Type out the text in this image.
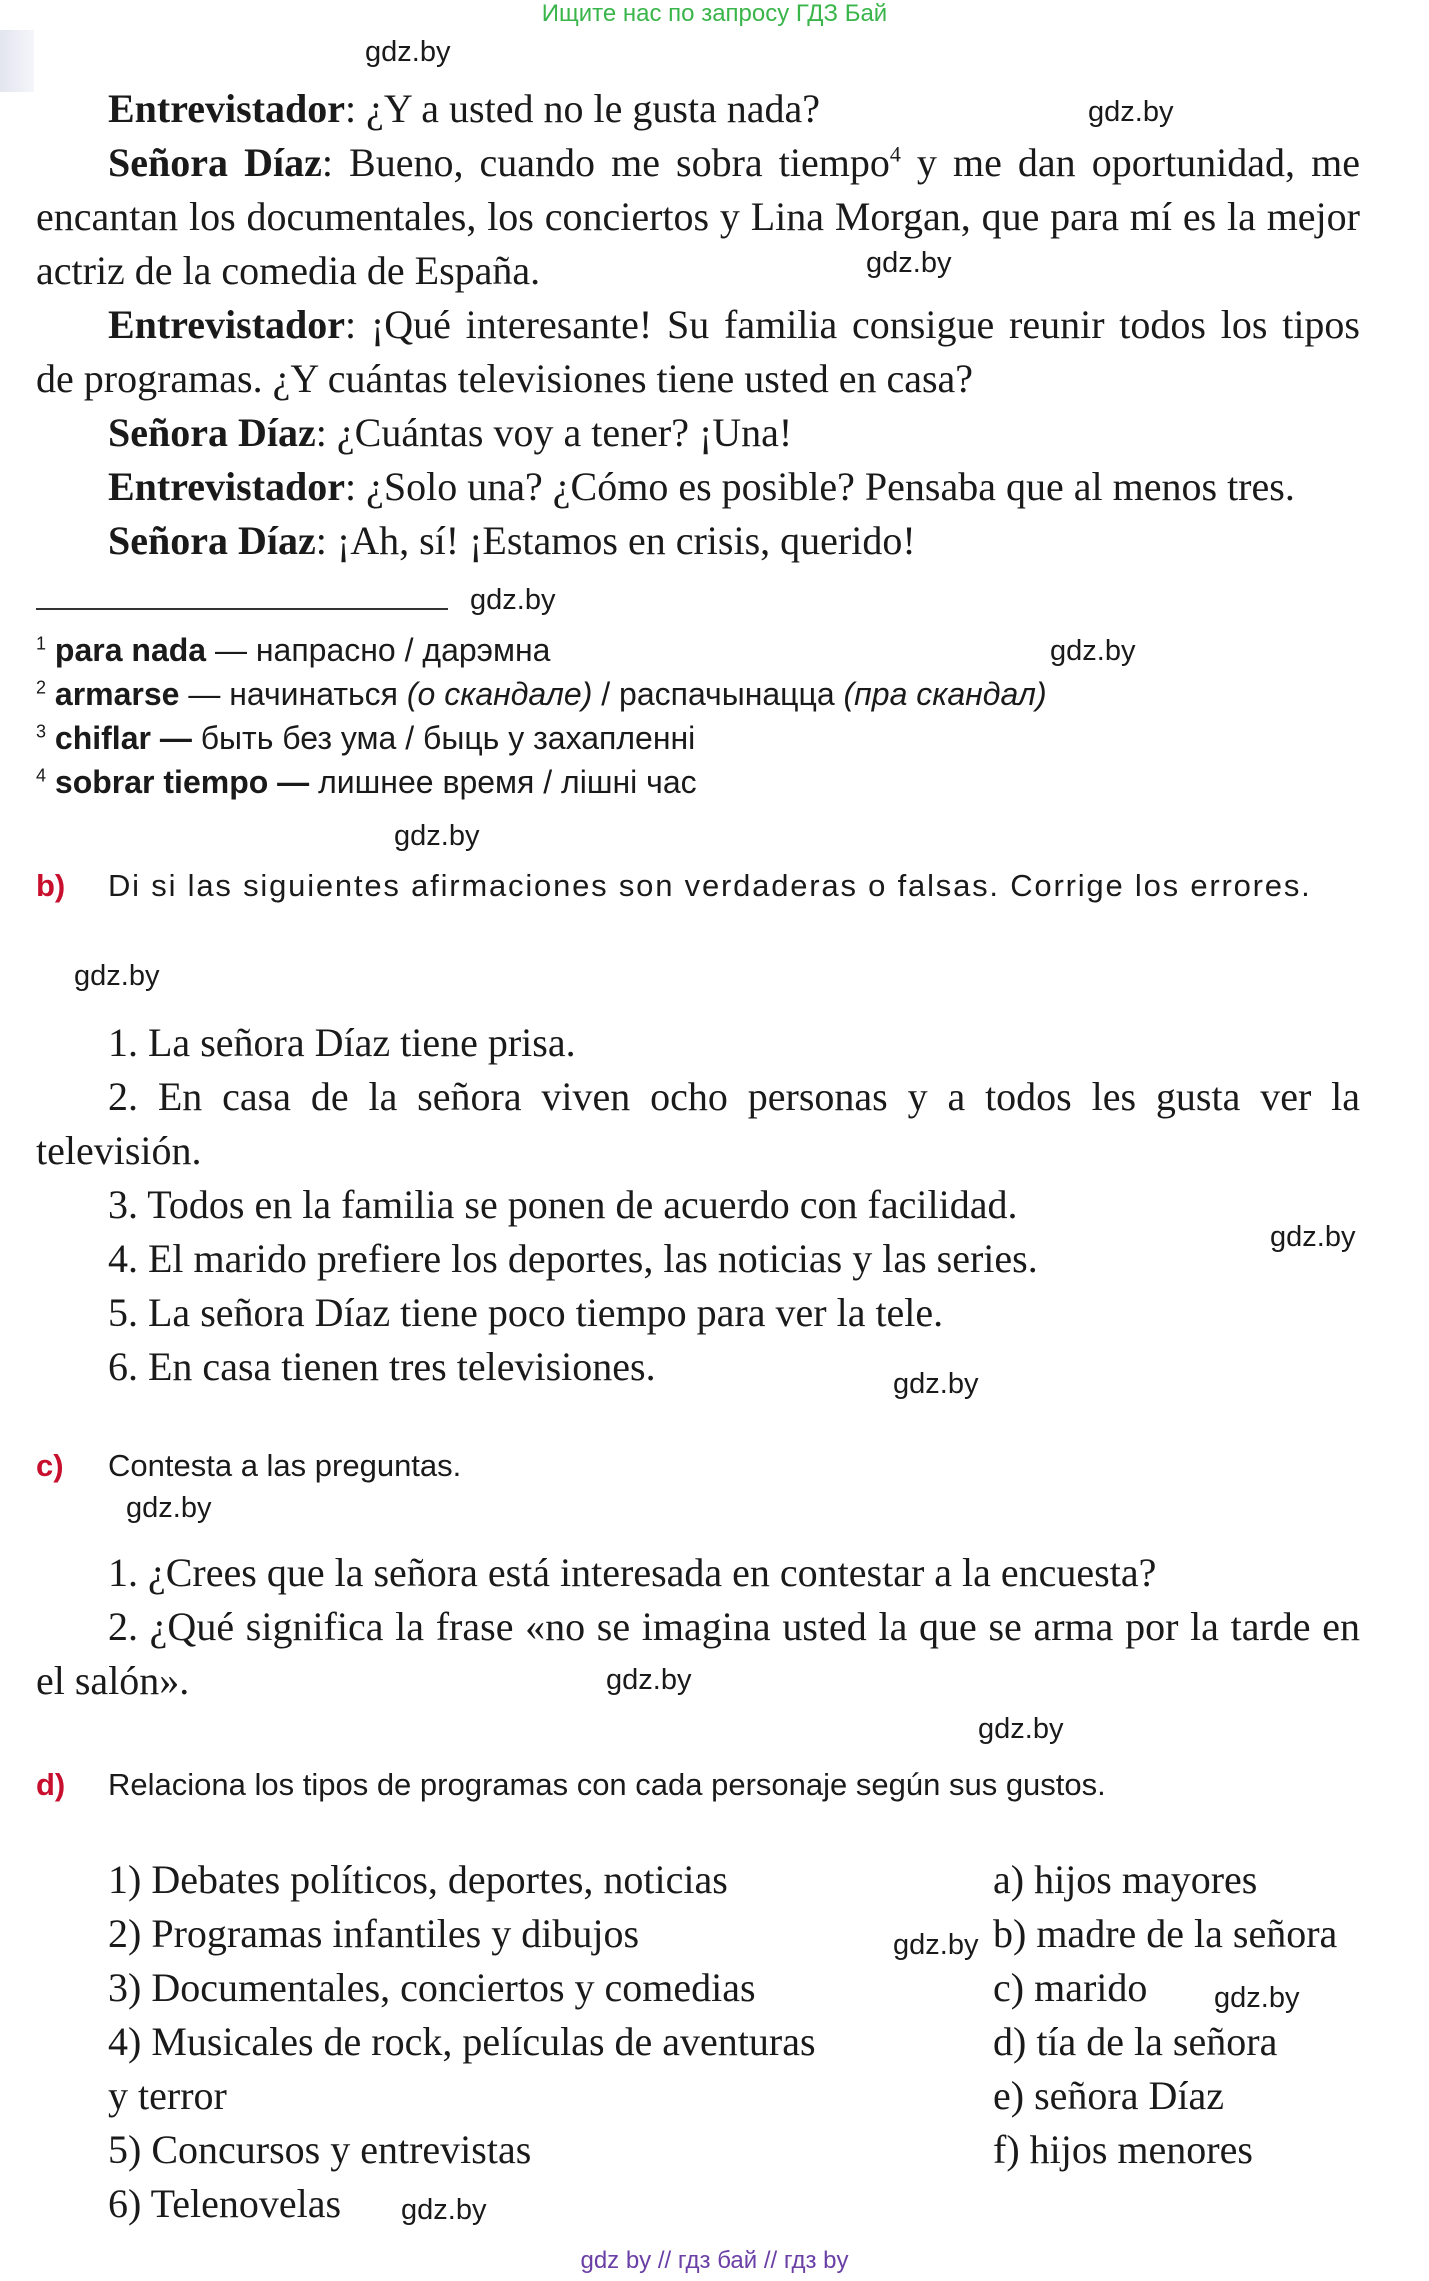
Ищите нас по запросу ГДЗ Бай

Entrevistador: ¿Y a usted no le gusta nada?

Señora Díaz: Bueno, cuando me sobra tiempo$^4$ y me dan oportunidad, me encantan los documentales, los conciertos y Lina Morgan, que para mí es la mejor actriz de la comedia de España.

Entrevistador: ¡Qué interesante! Su familia consigue reunir todos los tipos de programas. ¿Y cuántas televisiones tiene usted en casa?

Señora Díaz: ¿Cuántas voy a tener? ¡Una!

Entrevistador: ¿Solo una? ¿Cómo es posible? Pensaba que al menos tres.

Señora Díaz: ¡Ah, sí! ¡Estamos en crisis, querido!

$^1$ para nada — напрасно / дарэмна
$^2$ armarse — начинаться (о скандале) / распачынацца (пра скандал)
$^3$ chiflar — быть без ума / быць у захапленні
$^4$ sobrar tiempo — лишнее время / лішні час
b) Di si las siguientes afirmaciones son verdaderas o falsas. Corrige los errores.

1. La señora Díaz tiene prisa.

2. En casa de la señora viven ocho personas y a todos les gusta ver la televisión.

3. Todos en la familia se ponen de acuerdo con facilidad.

4. El marido prefiere los deportes, las noticias y las series.

5. La señora Díaz tiene poco tiempo para ver la tele.

6. En casa tienen tres televisiones.

c) Contesta a las preguntas.

1. ¿Crees que la señora está interesada en contestar a la encuesta?

2. ¿Qué significa la frase «no se imagina usted la que se arma por la tarde en el salón».

d) Relaciona los tipos de programas con cada personaje según sus gustos.

1) Debates políticos, deportes, noticias

2) Programas infantiles y dibujos

3) Documentales, conciertos y comedias

4) Musicales de rock, películas de aventuras

y terror

5) Concursos y entrevistas

6) Telenovelas

a) hijos mayores

b) madre de la señora

c) marido

d) tía de la señora

e) señora Díaz

f) hijos menores

gdz.by
gdz.by
gdz.by
gdz.by
gdz.by
gdz.by
gdz.by
gdz.by
gdz.by
gdz.by
gdz.by
gdz.by
gdz.by
gdz.by
gdz.by
gdz by // гдз бай // гдз by
